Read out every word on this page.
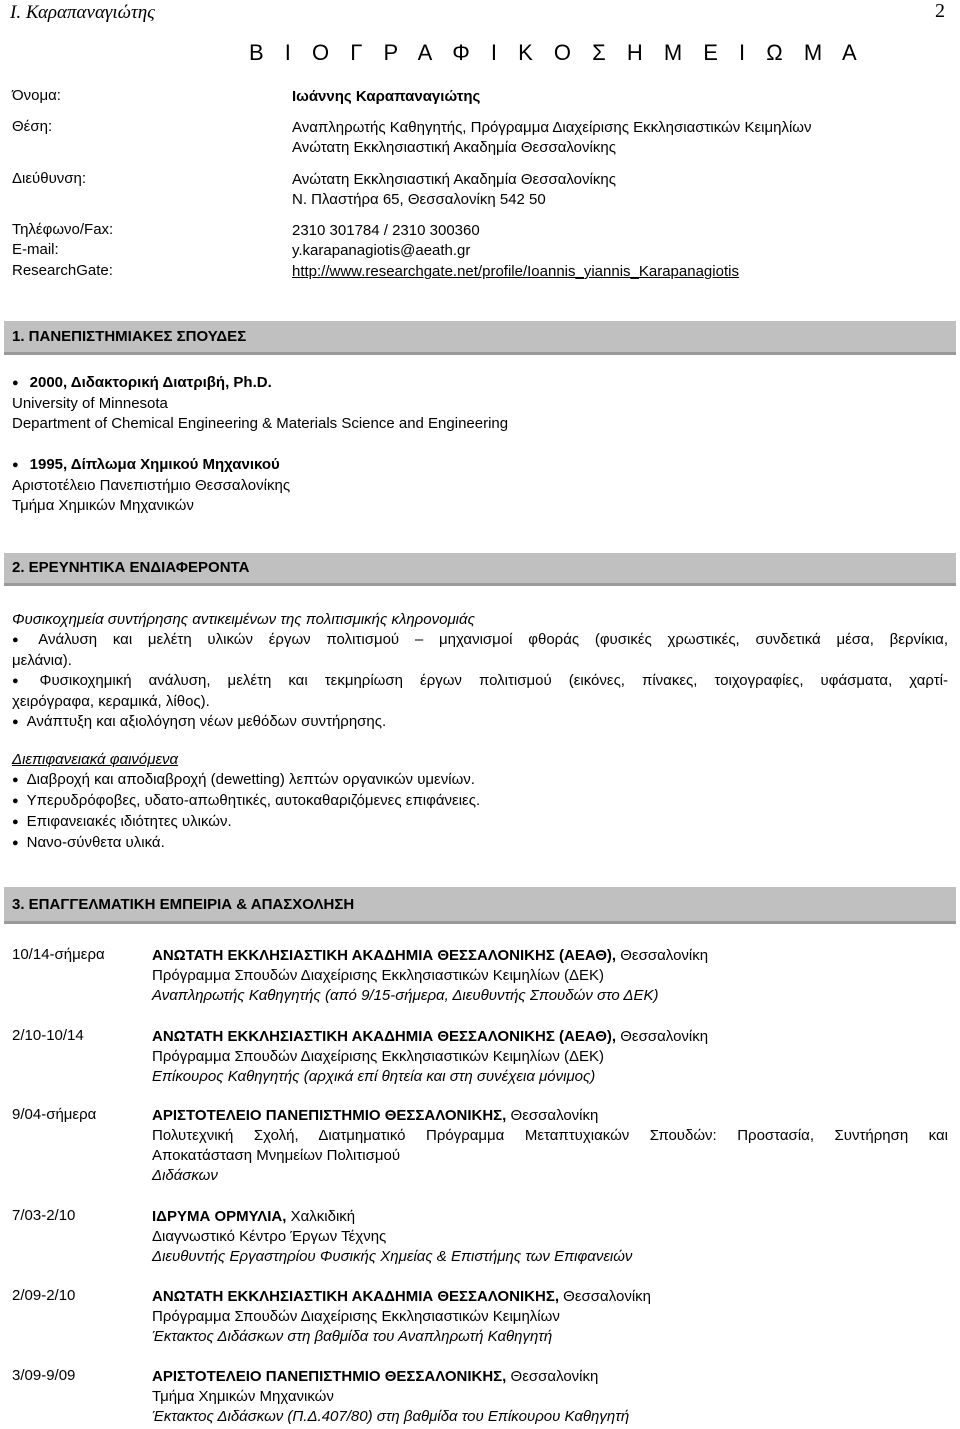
Ι. Καραπαναγιώτης	2
Β Ι Ο Γ Ρ Α Φ Ι Κ Ο Σ Η Μ Ε Ι Ω Μ Α
Όνομα:	Ιωάννης Καραπαναγιώτης
Θέση:	Αναπληρωτής Καθηγητής, Πρόγραμμα Διαχείρισης Εκκλησιαστικών Κειμηλίων
Ανώτατη Εκκλησιαστική Ακαδημία Θεσσαλονίκης
Διεύθυνση:	Ανώτατη Εκκλησιαστική Ακαδημία Θεσσαλονίκης
Ν. Πλαστήρα 65, Θεσσαλονίκη 542 50
Τηλέφωνο/Fax:	2310 301784 / 2310 300360
E-mail:	y.karapanagiotis@aeath.gr
ResearchGate:	http://www.researchgate.net/profile/Ioannis_yiannis_Karapanagiotis
1. ΠΑΝΕΠΙΣΤΗΜΙΑΚΕΣ ΣΠΟΥΔΕΣ
● 2000, Διδακτορική Διατριβή, Ph.D.
University of Minnesota
Department of Chemical Engineering & Materials Science and Engineering
● 1995, Δίπλωμα Χημικού Μηχανικού
Αριστοτέλειο Πανεπιστήμιο Θεσσαλονίκης
Τμήμα Χημικών Μηχανικών
2. ΕΡΕΥΝΗΤΙΚΑ ΕΝΔΙΑΦΕΡΟΝΤΑ
Φυσικοχημεία συντήρησης αντικειμένων της πολιτισμικής κληρονομιάς
● Ανάλυση και μελέτη υλικών έργων πολιτισμού – μηχανισμοί φθοράς (φυσικές χρωστικές, συνδετικά μέσα, βερνίκια,
μελάνια).
● Φυσικοχημική ανάλυση, μελέτη και τεκμηρίωση έργων πολιτισμού (εικόνες, πίνακες, τοιχογραφίες, υφάσματα, χαρτί-
χειρόγραφα, κεραμικά, λίθος).
● Ανάπτυξη και αξιολόγηση νέων μεθόδων συντήρησης.
Διεπιφανειακά φαινόμενα
● Διαβροχή και αποδιαβροχή (dewetting) λεπτών οργανικών υμενίων.
● Υπερυδρόφοβες, υδατο-απωθητικές, αυτοκαθαριζόμενες επιφάνειες.
● Επιφανειακές ιδιότητες υλικών.
● Νανο-σύνθετα υλικά.
3. ΕΠΑΓΓΕΛΜΑΤΙΚΗ ΕΜΠΕΙΡΙΑ & ΑΠΑΣΧΟΛΗΣΗ
10/14-σήμερα	ΑΝΩΤΑΤΗ ΕΚΚΛΗΣΙΑΣΤΙΚΗ ΑΚΑΔΗΜΙΑ ΘΕΣΣΑΛΟΝΙΚΗΣ (ΑΕΑΘ), Θεσσαλονίκη
Πρόγραμμα Σπουδών Διαχείρισης Εκκλησιαστικών Κειμηλίων (ΔΕΚ)
Αναπληρωτής Καθηγητής (από 9/15-σήμερα, Διευθυντής Σπουδών στο ΔΕΚ)
2/10-10/14	ΑΝΩΤΑΤΗ ΕΚΚΛΗΣΙΑΣΤΙΚΗ ΑΚΑΔΗΜΙΑ ΘΕΣΣΑΛΟΝΙΚΗΣ (ΑΕΑΘ), Θεσσαλονίκη
Πρόγραμμα Σπουδών Διαχείρισης Εκκλησιαστικών Κειμηλίων (ΔΕΚ)
Επίκουρος Καθηγητής (αρχικά επί θητεία και στη συνέχεια μόνιμος)
9/04-σήμερα	ΑΡΙΣΤΟΤΕΛΕΙΟ ΠΑΝΕΠΙΣΤΗΜΙΟ ΘΕΣΣΑΛΟΝΙΚΗΣ, Θεσσαλονίκη
Πολυτεχνική Σχολή, Διατμηματικό Πρόγραμμα Μεταπτυχιακών Σπουδών: Προστασία, Συντήρηση και
Αποκατάσταση Μνημείων Πολιτισμού
Διδάσκων
7/03-2/10	ΙΔΡΥΜΑ ΟΡΜΥΛΙΑ, Χαλκιδική
Διαγνωστικό Κέντρο Έργων Τέχνης
Διευθυντής Εργαστηρίου Φυσικής Χημείας & Επιστήμης των Επιφανειών
2/09-2/10	ΑΝΩΤΑΤΗ ΕΚΚΛΗΣΙΑΣΤΙΚΗ ΑΚΑΔΗΜΙΑ ΘΕΣΣΑΛΟΝΙΚΗΣ, Θεσσαλονίκη
Πρόγραμμα Σπουδών Διαχείρισης Εκκλησιαστικών Κειμηλίων
Έκτακτος Διδάσκων στη βαθμίδα του Αναπληρωτή Καθηγητή
3/09-9/09	ΑΡΙΣΤΟΤΕΛΕΙΟ ΠΑΝΕΠΙΣΤΗΜΙΟ ΘΕΣΣΑΛΟΝΙΚΗΣ, Θεσσαλονίκη
Τμήμα Χημικών Μηχανικών
Έκτακτος Διδάσκων (Π.Δ.407/80) στη βαθμίδα του Επίκουρου Καθηγητή
